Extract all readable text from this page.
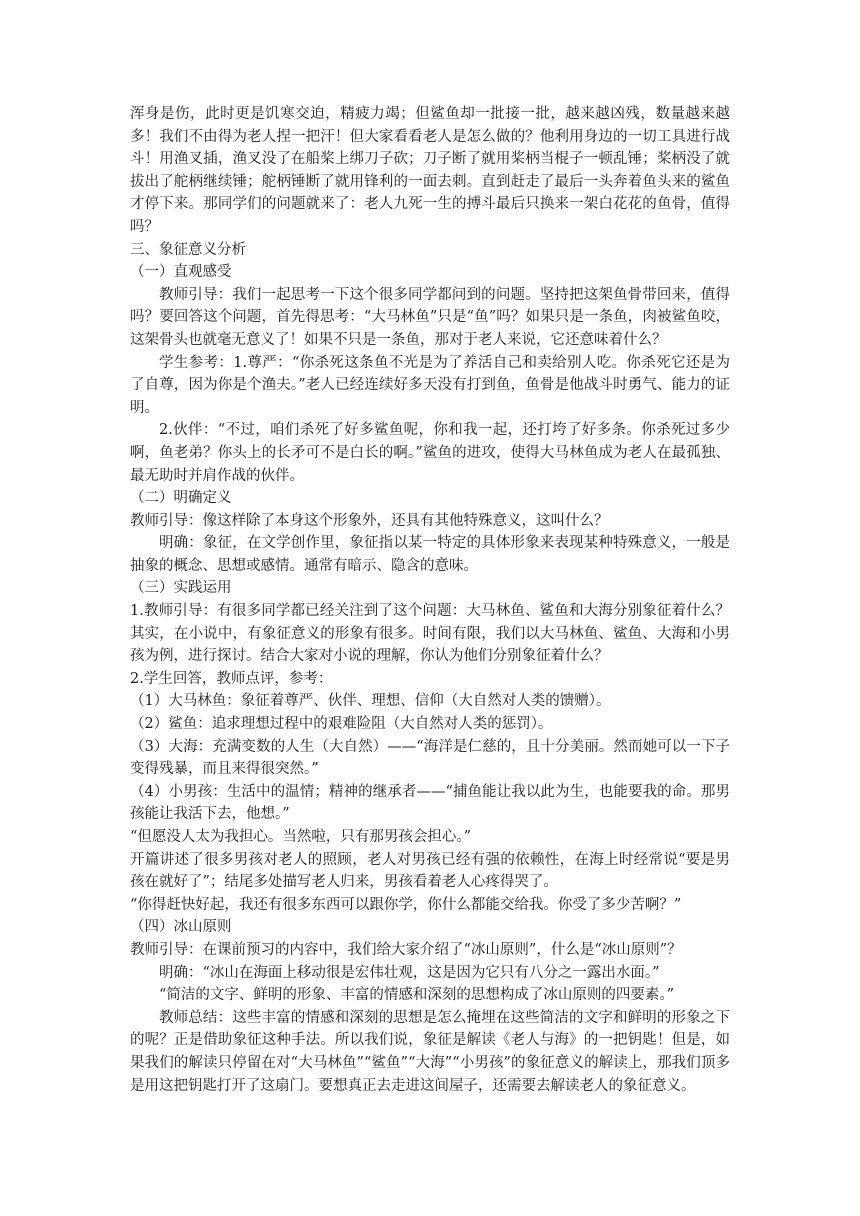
浑身是伤，此时更是饥寒交迫，精疲力竭；但鲨鱼却一批接一批，越来越凶残，数量越来越多！我们不由得为老人捏一把汗！但大家看看老人是怎么做的？他利用身边的一切工具进行战斗！用渔叉插，渔叉没了在船桨上绑刀子砍；刀子断了就用桨柄当棍子一顿乱锤；桨柄没了就拔出了舵柄继续锤；舵柄锤断了就用锋利的一面去刺。直到赶走了最后一头奔着鱼头来的鲨鱼才停下来。那同学们的问题就来了：老人九死一生的搏斗最后只换来一架白花花的鱼骨，值得吗？

三、象征意义分析

（一）直观感受

教师引导：我们一起思考一下这个很多同学都问到的问题。坚持把这架鱼骨带回来，值得吗？要回答这个问题，首先得思考：“大马林鱼”只是“鱼”吗？如果只是一条鱼，肉被鲨鱼咬，这架骨头也就毫无意义了！如果不只是一条鱼，那对于老人来说，它还意味着什么？

学生参考：1.尊严：“你杀死这条鱼不光是为了养活自己和卖给别人吃。你杀死它还是为了自尊，因为你是个渔夫。”老人已经连续好多天没有打到鱼，鱼骨是他战斗时勇气、能力的证明。

2.伙伴：“不过，咱们杀死了好多鲨鱼呢，你和我一起，还打垮了好多条。你杀死过多少啊，鱼老弟？你头上的长矛可不是白长的啊。”鲨鱼的进攻，使得大马林鱼成为老人在最孤独、最无助时并肩作战的伙伴。

（二）明确定义

教师引导：像这样除了本身这个形象外，还具有其他特殊意义，这叫什么？

明确：象征，在文学创作里，象征指以某一特定的具体形象来表现某种特殊意义，一般是抽象的概念、思想或感情。通常有暗示、隐含的意味。

（三）实践运用

1.教师引导：有很多同学都已经关注到了这个问题：大马林鱼、鲨鱼和大海分别象征着什么？其实，在小说中，有象征意义的形象有很多。时间有限，我们以大马林鱼、鲨鱼、大海和小男孩为例，进行探讨。结合大家对小说的理解，你认为他们分别象征着什么？

2.学生回答，教师点评，参考：

（1）大马林鱼：象征着尊严、伙伴、理想、信仰（大自然对人类的馈赠）。

（2）鲨鱼：追求理想过程中的艰难险阻（大自然对人类的惩罚）。

（3）大海：充满变数的人生（大自然）——“海洋是仁慈的，且十分美丽。然而她可以一下子变得残暴，而且来得很突然。”

（4）小男孩：生活中的温情；精神的继承者——“捕鱼能让我以此为生，也能要我的命。那男孩能让我活下去，他想。”

“但愿没人太为我担心。当然啦，只有那男孩会担心。”

开篇讲述了很多男孩对老人的照顾，老人对男孩已经有强的依赖性，在海上时经常说“要是男孩在就好了”；结尾多处描写老人归来，男孩看着老人心疼得哭了。

“你得赶快好起，我还有很多东西可以跟你学，你什么都能交给我。你受了多少苦啊？”

（四）冰山原则

教师引导：在课前预习的内容中，我们给大家介绍了“冰山原则”，什么是“冰山原则”？

明确：“冰山在海面上移动很是宏伟壮观，这是因为它只有八分之一露出水面。”

“简洁的文字、鲜明的形象、丰富的情感和深刻的思想构成了冰山原则的四要素。”

教师总结：这些丰富的情感和深刻的思想是怎么掩埋在这些简洁的文字和鲜明的形象之下的呢？正是借助象征这种手法。所以我们说，象征是解读《老人与海》的一把钥匙！但是，如果我们的解读只停留在对“大马林鱼”“鲨鱼”“大海”“小男孩”的象征意义的解读上，那我们顶多是用这把钥匙打开了这扇门。要想真正去走进这间屋子，还需要去解读老人的象征意义。
